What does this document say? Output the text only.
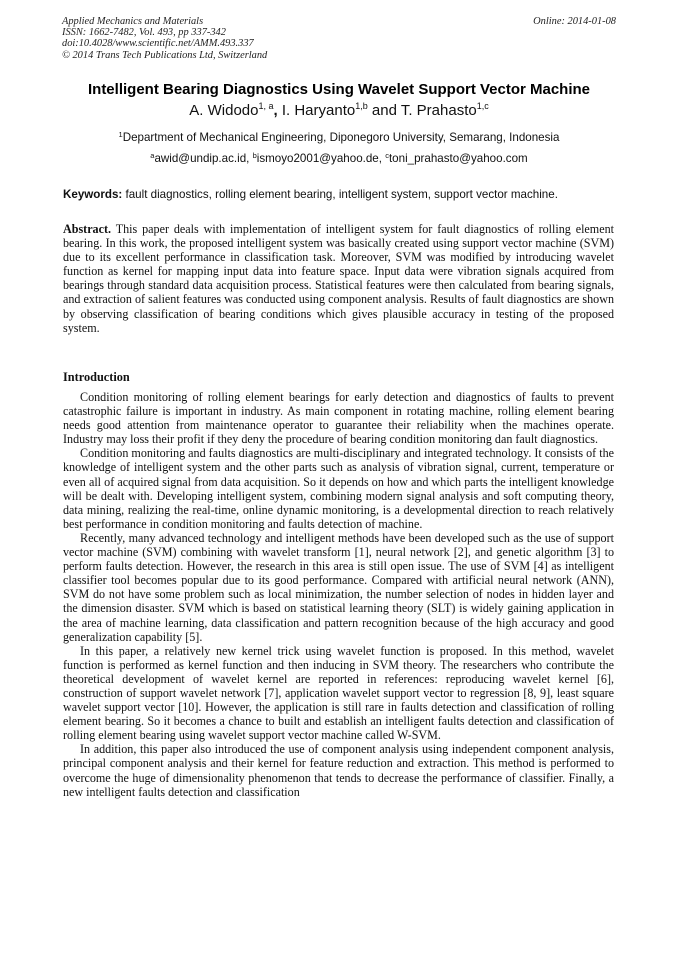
Applied Mechanics and Materials
ISSN: 1662-7482, Vol. 493, pp 337-342
doi:10.4028/www.scientific.net/AMM.493.337
© 2014 Trans Tech Publications Ltd, Switzerland
Online: 2014-01-08
Intelligent Bearing Diagnostics Using Wavelet Support Vector Machine
A. Widodo$^{1, a}$, I. Haryanto$^{1,b}$ and T. Prahasto$^{1,c}$
$^1$Department of Mechanical Engineering, Diponegoro University, Semarang, Indonesia
$^a$awid@undip.ac.id, $^b$ismoyo2001@yahoo.de, $^c$toni_prahasto@yahoo.com
Keywords: fault diagnostics, rolling element bearing, intelligent system, support vector machine.

Abstract. This paper deals with implementation of intelligent system for fault diagnostics of rolling element bearing. In this work, the proposed intelligent system was basically created using support vector machine (SVM) due to its excellent performance in classification task. Moreover, SVM was modified by introducing wavelet function as kernel for mapping input data into feature space. Input data were vibration signals acquired from bearings through standard data acquisition process. Statistical features were then calculated from bearing signals, and extraction of salient features was conducted using component analysis. Results of fault diagnostics are shown by observing classification of bearing conditions which gives plausible accuracy in testing of the proposed system.

Introduction

Condition monitoring of rolling element bearings for early detection and diagnostics of faults to prevent catastrophic failure is important in industry. As main component in rotating machine, rolling element bearing needs good attention from maintenance operator to guarantee their reliability when the machines operate. Industry may loss their profit if they deny the procedure of bearing condition monitoring dan fault diagnostics.

Condition monitoring and faults diagnostics are multi-disciplinary and integrated technology. It consists of the knowledge of intelligent system and the other parts such as analysis of vibration signal, current, temperature or even all of acquired signal from data acquisition. So it depends on how and which parts the intelligent knowledge will be dealt with. Developing intelligent system, combining modern signal analysis and soft computing theory, data mining, realizing the real-time, online dynamic monitoring, is a developmental direction to reach relatively best performance in condition monitoring and faults detection of machine.

Recently, many advanced technology and intelligent methods have been developed such as the use of support vector machine (SVM) combining with wavelet transform [1], neural network [2], and genetic algorithm [3] to perform faults detection. However, the research in this area is still open issue. The use of SVM [4] as intelligent classifier tool becomes popular due to its good performance. Compared with artificial neural network (ANN), SVM do not have some problem such as local minimization, the number selection of nodes in hidden layer and the dimension disaster. SVM which is based on statistical learning theory (SLT) is widely gaining application in the area of machine learning, data classification and pattern recognition because of the high accuracy and good generalization capability [5].

In this paper, a relatively new kernel trick using wavelet function is proposed. In this method, wavelet function is performed as kernel function and then inducing in SVM theory. The researchers who contribute the theoretical development of wavelet kernel are reported in references: reproducing wavelet kernel [6], construction of support wavelet network [7], application wavelet support vector to regression [8, 9], least square wavelet support vector [10]. However, the application is still rare in faults detection and classification of rolling element bearing. So it becomes a chance to built and establish an intelligent faults detection and classification of rolling element bearing using wavelet support vector machine called W-SVM.

In addition, this paper also introduced the use of component analysis using independent component analysis, principal component analysis and their kernel for feature reduction and extraction. This method is performed to overcome the huge of dimensionality phenomenon that tends to decrease the performance of classifier. Finally, a new intelligent faults detection and classification
